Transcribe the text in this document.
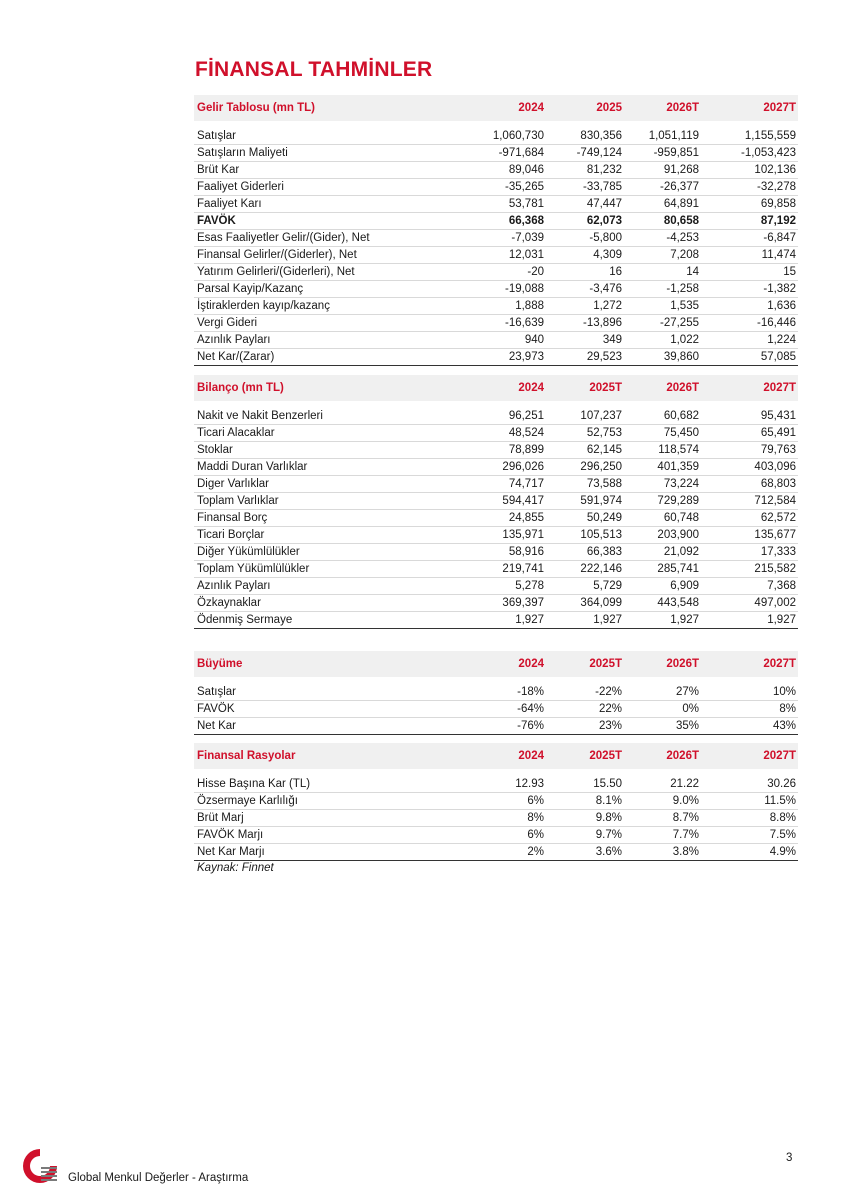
FİNANSAL TAHMİNLER
Gelir Tablosu (mn TL)	2024	2025	2026T	2027T

Satışlar	1,060,730	830,356	1,051,119	1,155,559
Satışların Maliyeti	-971,684	-749,124	-959,851	-1,053,423
Brüt Kar	89,046	81,232	91,268	102,136
Faaliyet Giderleri	-35,265	-33,785	-26,377	-32,278
Faaliyet Karı	53,781	47,447	64,891	69,858
FAVÖK	66,368	62,073	80,658	87,192
Esas Faaliyetler Gelir/(Gider), Net	-7,039	-5,800	-4,253	-6,847
Finansal Gelirler/(Giderler), Net	12,031	4,309	7,208	11,474
Yatırım Gelirleri/(Giderleri), Net	-20	16	14	15
Parsal Kayip/Kazanç	-19,088	-3,476	-1,258	-1,382
İştiraklerden kayıp/kazanç	1,888	1,272	1,535	1,636
Vergi Gideri	-16,639	-13,896	-27,255	-16,446
Azınlık Payları	940	349	1,022	1,224
Net Kar/(Zarar)	23,973	29,523	39,860	57,085
Bilanço (mn TL)	2024	2025T	2026T	2027T

Nakit ve Nakit Benzerleri	96,251	107,237	60,682	95,431
Ticari Alacaklar	48,524	52,753	75,450	65,491
Stoklar	78,899	62,145	118,574	79,763
Maddi Duran Varlıklar	296,026	296,250	401,359	403,096
Diger Varlıklar	74,717	73,588	73,224	68,803
Toplam Varlıklar	594,417	591,974	729,289	712,584
Finansal Borç	24,855	50,249	60,748	62,572
Ticari Borçlar	135,971	105,513	203,900	135,677
Diğer Yükümlülükler	58,916	66,383	21,092	17,333
Toplam Yükümlülükler	219,741	222,146	285,741	215,582
Azınlık Payları	5,278	5,729	6,909	7,368
Özkaynaklar	369,397	364,099	443,548	497,002
Ödenmiş Sermaye	1,927	1,927	1,927	1,927
Büyüme	2024	2025T	2026T	2027T

Satışlar	-18%	-22%	27%	10%
FAVÖK	-64%	22%	0%	8%
Net Kar	-76%	23%	35%	43%
Finansal Rasyolar	2024	2025T	2026T	2027T

Hisse Başına Kar (TL)	12.93	15.50	21.22	30.26
Özsermaye Karlılığı	6%	8.1%	9.0%	11.5%
Brüt Marj	8%	9.8%	8.7%	8.8%
FAVÖK Marjı	6%	9.7%	7.7%	7.5%
Net Kar Marjı	2%	3.6%	3.8%	4.9%
Kaynak: Finnet
Global Menkul Değerler - Araştırma
3
